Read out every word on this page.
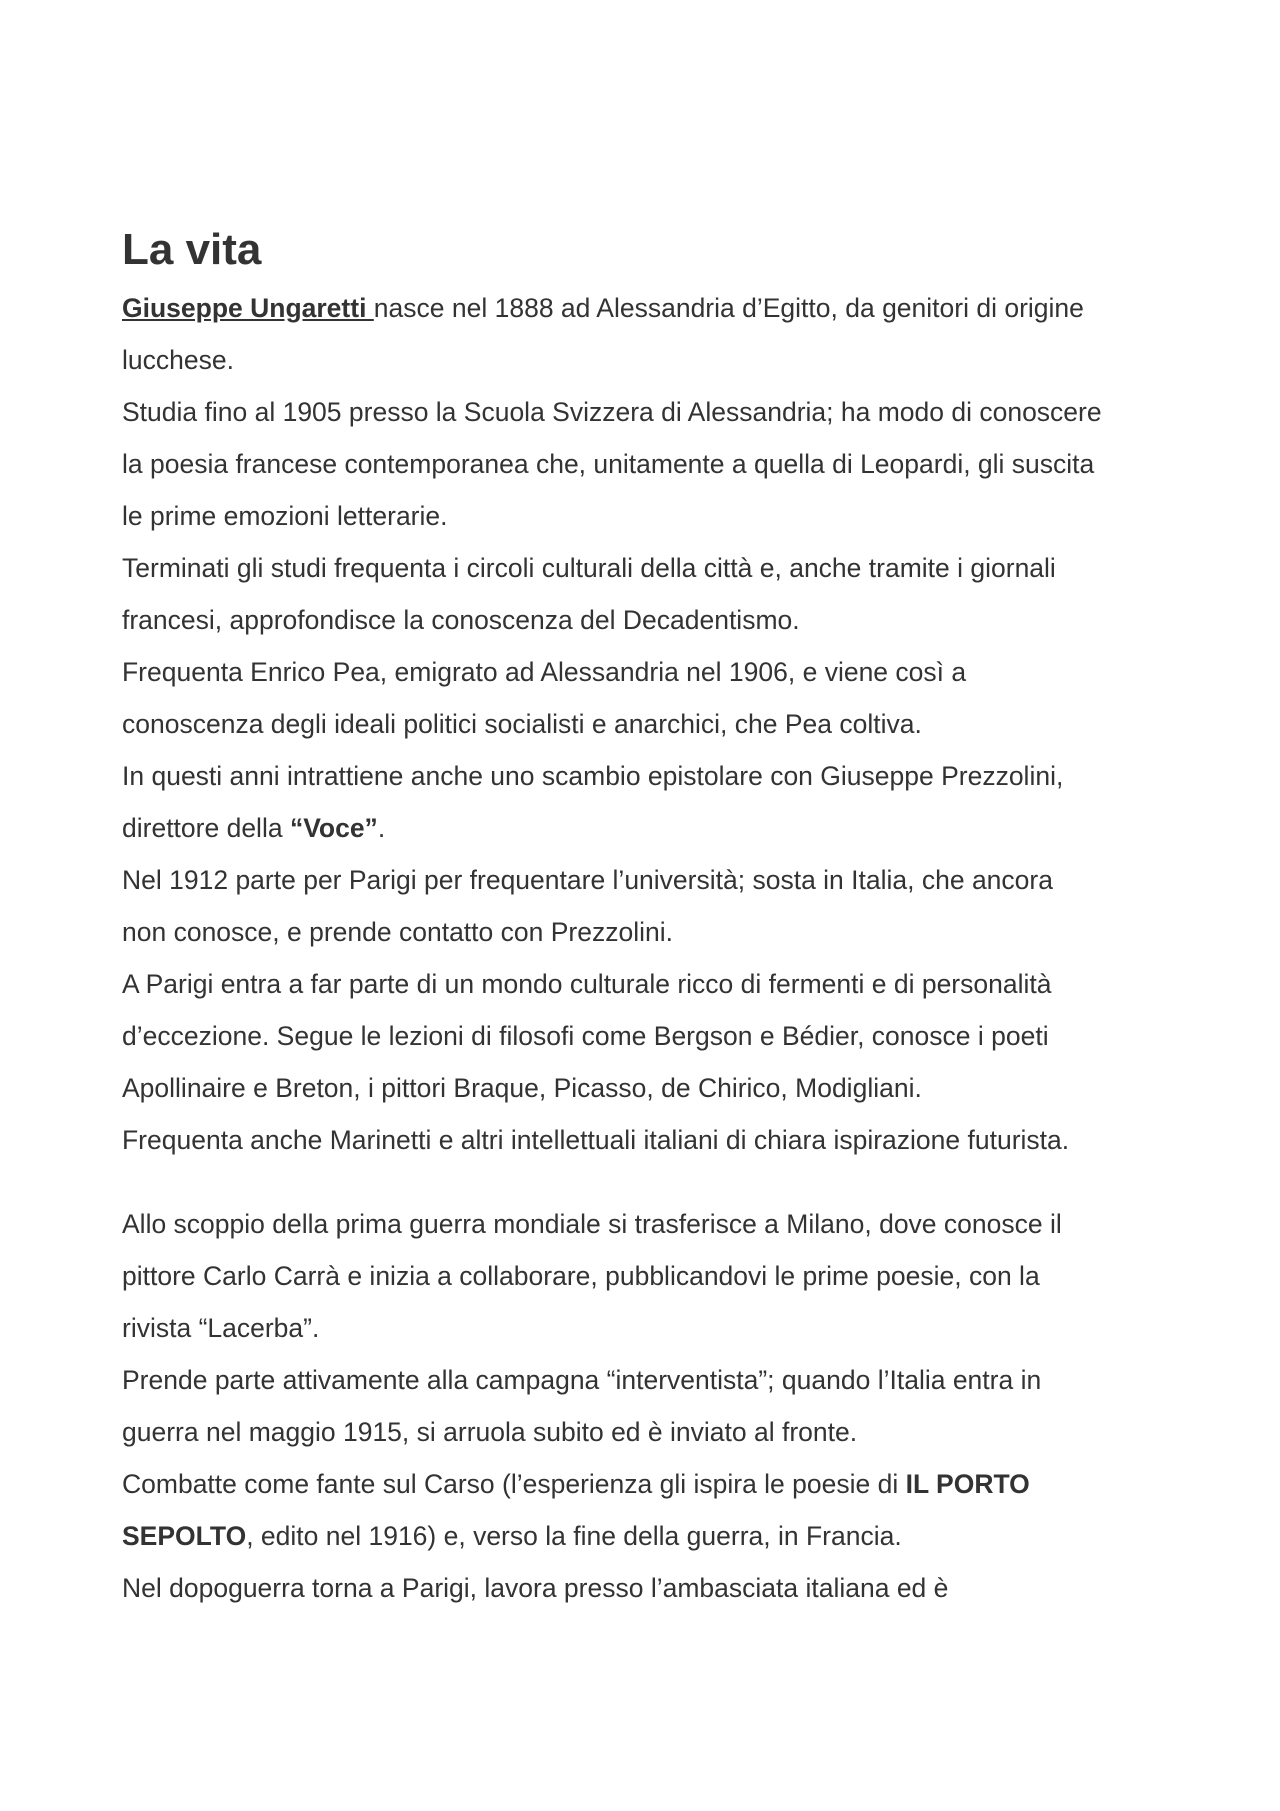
La vita
Giuseppe Ungaretti nasce nel 1888 ad Alessandria d’Egitto, da genitori di origine
lucchese.
Studia fino al 1905 presso la Scuola Svizzera di Alessandria; ha modo di conoscere
la poesia francese contemporanea che, unitamente a quella di Leopardi, gli suscita
le prime emozioni letterarie.
Terminati gli studi frequenta i circoli culturali della città e, anche tramite i giornali
francesi, approfondisce la conoscenza del Decadentismo.
Frequenta Enrico Pea, emigrato ad Alessandria nel 1906, e viene così a
conoscenza degli ideali politici socialisti e anarchici, che Pea coltiva.
In questi anni intrattiene anche uno scambio epistolare con Giuseppe Prezzolini,
direttore della “Voce”.
Nel 1912 parte per Parigi per frequentare l’università; sosta in Italia, che ancora
non conosce, e prende contatto con Prezzolini.
A Parigi entra a far parte di un mondo culturale ricco di fermenti e di personalità
d’eccezione. Segue le lezioni di filosofi come Bergson e Bédier, conosce i poeti
Apollinaire e Breton, i pittori Braque, Picasso, de Chirico, Modigliani.
Frequenta anche Marinetti e altri intellettuali italiani di chiara ispirazione futurista.
Allo scoppio della prima guerra mondiale si trasferisce a Milano, dove conosce il
pittore Carlo Carrà e inizia a collaborare, pubblicandovi le prime poesie, con la
rivista “Lacerba”.
Prende parte attivamente alla campagna “interventista”; quando l’Italia entra in
guerra nel maggio 1915, si arruola subito ed è inviato al fronte.
Combatte come fante sul Carso (l’esperienza gli ispira le poesie di IL PORTO
SEPOLTO, edito nel 1916) e, verso la fine della guerra, in Francia.
Nel dopoguerra torna a Parigi, lavora presso l’ambasciata italiana ed è
